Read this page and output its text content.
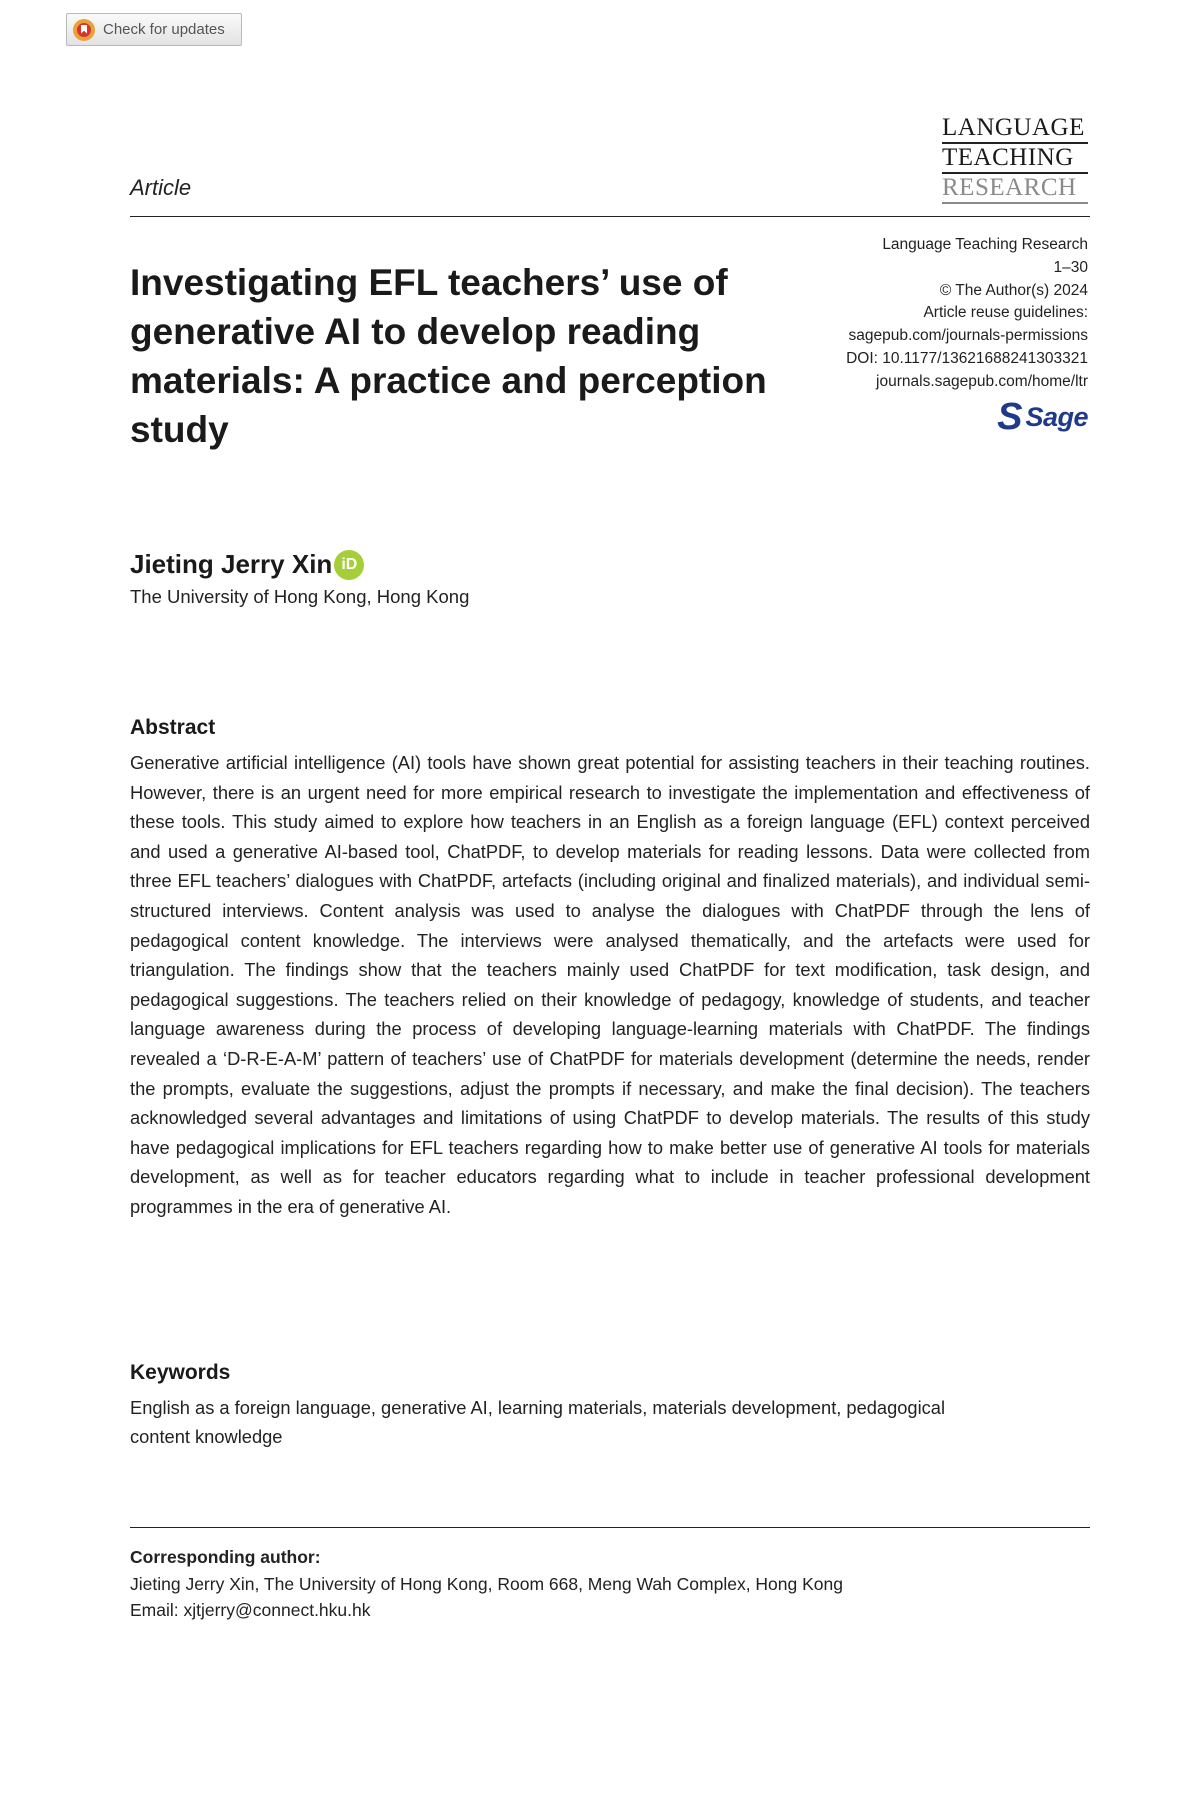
Check for updates
LANGUAGE
TEACHING
RESEARCH
Article
Investigating EFL teachers’ use of generative AI to develop reading materials: A practice and perception study
Language Teaching Research
1–30
© The Author(s) 2024
Article reuse guidelines:
sagepub.com/journals-permissions
DOI: 10.1177/13621688241303321
journals.sagepub.com/home/ltr
S Sage
Jieting Jerry Xin iD
The University of Hong Kong, Hong Kong
Abstract

Generative artificial intelligence (AI) tools have shown great potential for assisting teachers in their teaching routines. However, there is an urgent need for more empirical research to investigate the implementation and effectiveness of these tools. This study aimed to explore how teachers in an English as a foreign language (EFL) context perceived and used a generative AI-based tool, ChatPDF, to develop materials for reading lessons. Data were collected from three EFL teachers’ dialogues with ChatPDF, artefacts (including original and finalized materials), and individual semi-structured interviews. Content analysis was used to analyse the dialogues with ChatPDF through the lens of pedagogical content knowledge. The interviews were analysed thematically, and the artefacts were used for triangulation. The findings show that the teachers mainly used ChatPDF for text modification, task design, and pedagogical suggestions. The teachers relied on their knowledge of pedagogy, knowledge of students, and teacher language awareness during the process of developing language-learning materials with ChatPDF. The findings revealed a ‘D-R-E-A-M’ pattern of teachers’ use of ChatPDF for materials development (determine the needs, render the prompts, evaluate the suggestions, adjust the prompts if necessary, and make the final decision). The teachers acknowledged several advantages and limitations of using ChatPDF to develop materials. The results of this study have pedagogical implications for EFL teachers regarding how to make better use of generative AI tools for materials development, as well as for teacher educators regarding what to include in teacher professional development programmes in the era of generative AI.

Keywords

English as a foreign language, generative AI, learning materials, materials development, pedagogical content knowledge

Corresponding author:
Jieting Jerry Xin, The University of Hong Kong, Room 668, Meng Wah Complex, Hong Kong
Email: xjtjerry@connect.hku.hk
